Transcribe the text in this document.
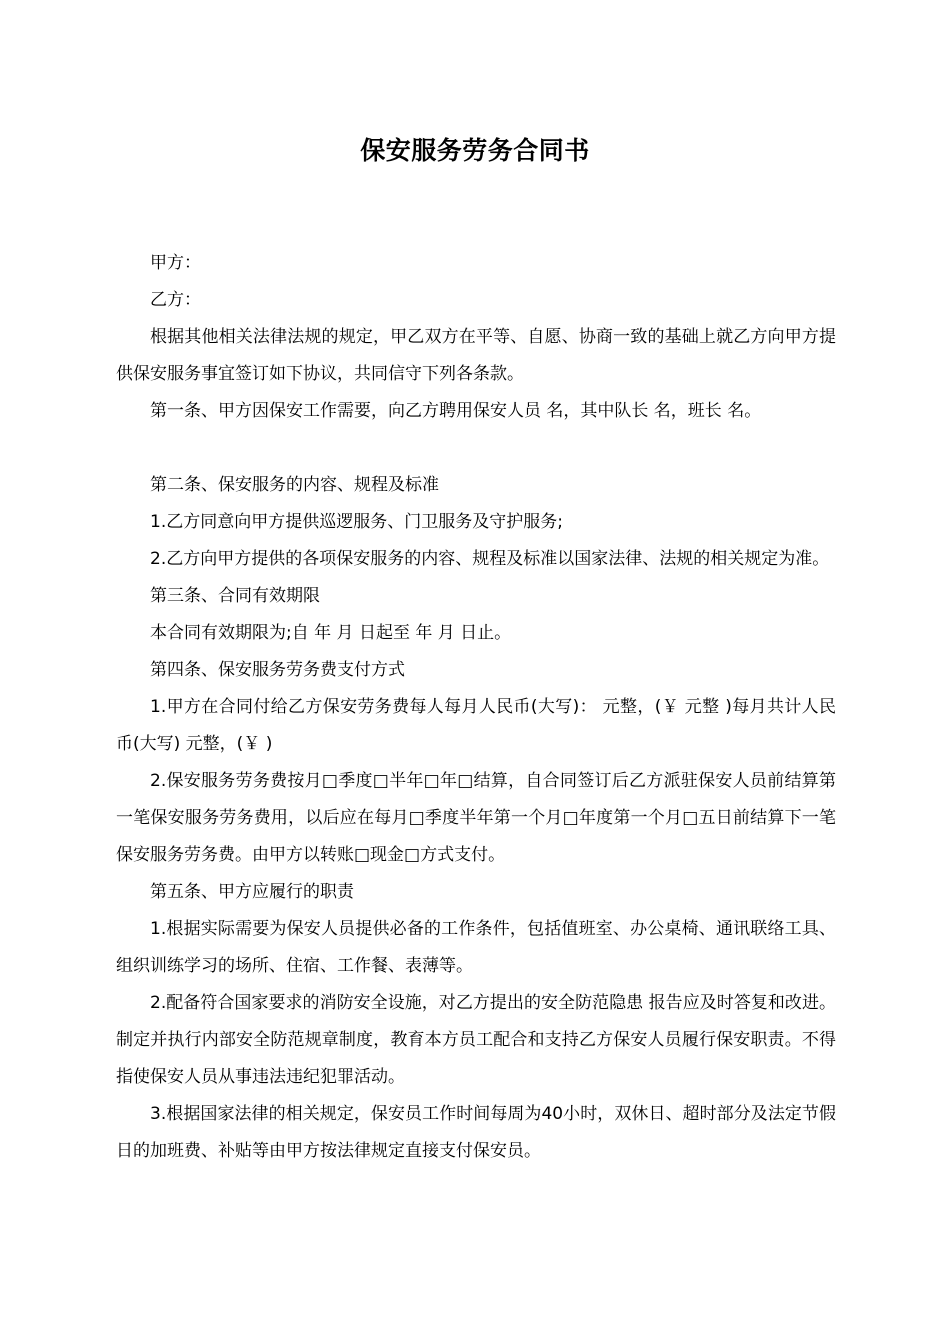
保安服务劳务合同书

甲方：

乙方：

根据其他相关法律法规的规定，甲乙双方在平等、自愿、协商一致的基础上就乙方向甲方提供保安服务事宜签订如下协议，共同信守下列各条款。

第一条、甲方因保安工作需要，向乙方聘用保安人员 名，其中队长 名，班长 名。

第二条、保安服务的内容、规程及标准

1.乙方同意向甲方提供巡逻服务、门卫服务及守护服务;

2.乙方向甲方提供的各项保安服务的内容、规程及标准以国家法律、法规的相关规定为准。

第三条、合同有效期限

本合同有效期限为;自 年 月 日起至 年 月 日止。

第四条、保安服务劳务费支付方式

1.甲方在合同付给乙方保安劳务费每人每月人民币(大写)： 元整，(￥ 元整 )每月共计人民币(大写) 元整，(￥ )

2.保安服务劳务费按月□季度□半年□年□结算，自合同签订后乙方派驻保安人员前结算第一笔保安服务劳务费用，以后应在每月□季度半年第一个月□年度第一个月□五日前结算下一笔保安服务劳务费。由甲方以转账□现金□方式支付。

第五条、甲方应履行的职责

1.根据实际需要为保安人员提供必备的工作条件，包括值班室、办公桌椅、通讯联络工具、组织训练学习的场所、住宿、工作餐、表薄等。

2.配备符合国家要求的消防安全设施，对乙方提出的安全防范隐患 报告应及时答复和改进。制定并执行内部安全防范规章制度，教育本方员工配合和支持乙方保安人员履行保安职责。不得指使保安人员从事违法违纪犯罪活动。

3.根据国家法律的相关规定，保安员工作时间每周为40小时，双休日、超时部分及法定节假日的加班费、补贴等由甲方按法律规定直接支付保安员。
